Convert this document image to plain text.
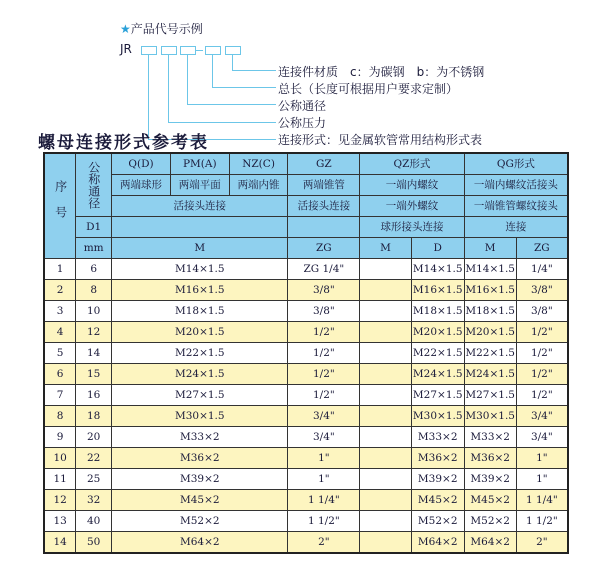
★产品代号示例
JR
连接件材质　c：为碳钢　b：为不锈钢
总长（长度可根据用户要求定制）
公称通径
公称压力
连接形式：见金属软管常用结构形式表
螺母连接形式参考表
序号	公称通径	Q(D)	PM(A)	NZ(C)	GZ	QZ形式		QG形式	
		两端球形	两端平面	两端内锥	两端锥管	一端内螺纹		一端内螺纹活接头	
		活接头连接			活接头连接	一端外螺纹		一端锥管螺纹接头	
	D1					球形接头连接		连接	
	mm	M			ZG	M	D	M	ZG
1	6	M14×1.5			ZG 1/4"		M14×1.5	M14×1.5	1/4"
2	8	M16×1.5			3/8"		M16×1.5	M16×1.5	3/8"
3	10	M18×1.5			3/8"		M18×1.5	M18×1.5	3/8"
4	12	M20×1.5			1/2"		M20×1.5	M20×1.5	1/2"
5	14	M22×1.5			1/2"		M22×1.5	M22×1.5	1/2"
6	15	M24×1.5			1/2"		M24×1.5	M24×1.5	1/2"
7	16	M27×1.5			1/2"		M27×1.5	M27×1.5	1/2"
8	18	M30×1.5			3/4"		M30×1.5	M30×1.5	3/4"
9	20	M33×2			3/4"		M33×2	M33×2	3/4"
10	22	M36×2			1"		M36×2	M36×2	1"
11	25	M39×2			1"		M39×2	M39×2	1"
12	32	M45×2			1 1/4"		M45×2	M45×2	1 1/4"
13	40	M52×2			1 1/2"		M52×2	M52×2	1 1/2"
14	50	M64×2			2"		M64×2	M64×2	2"
